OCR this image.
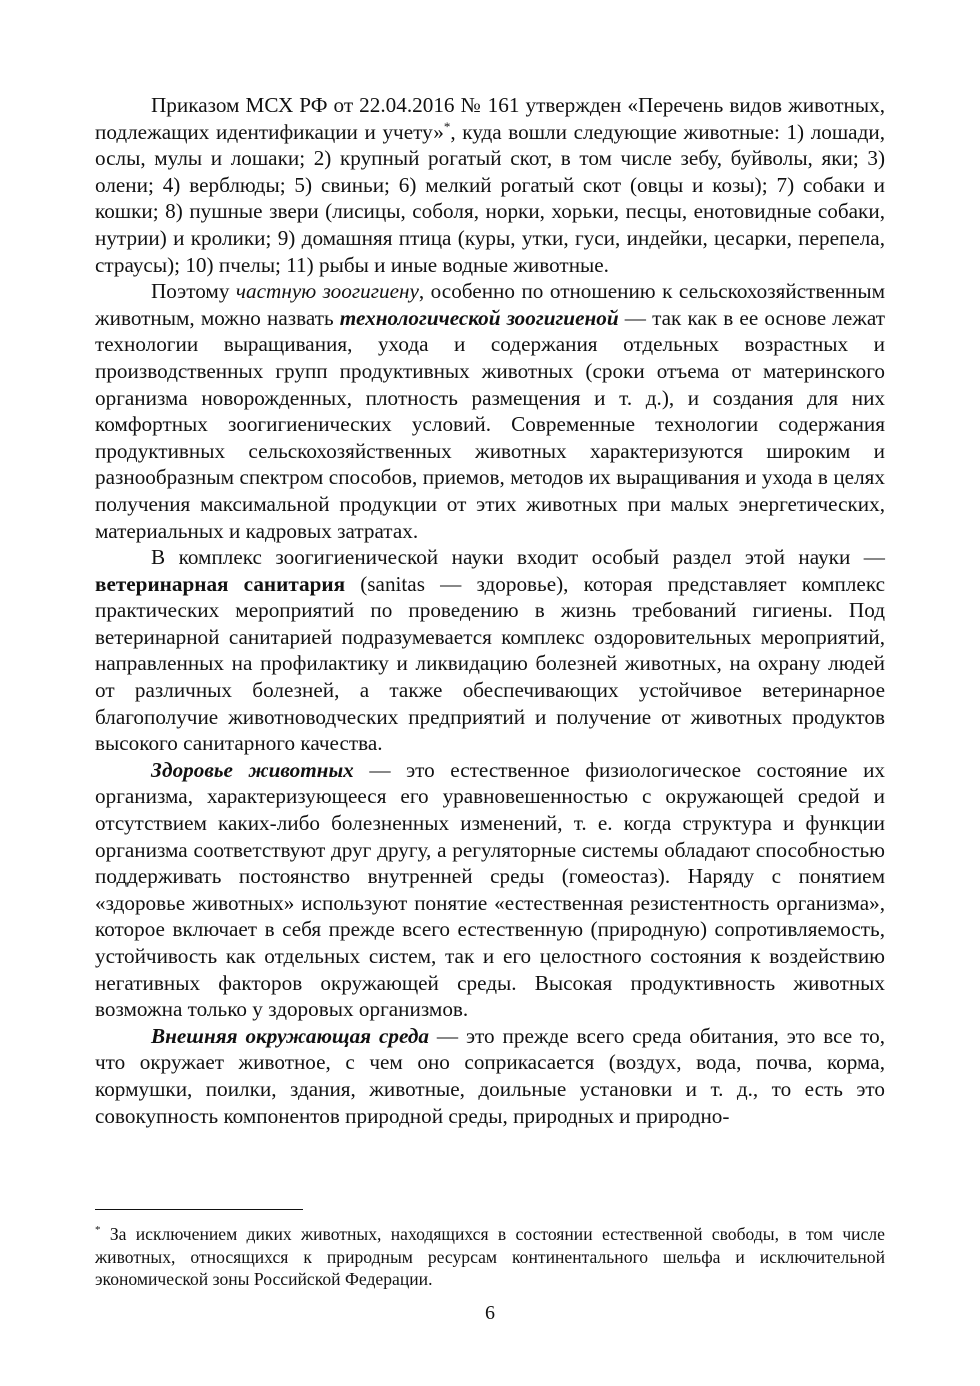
Приказом МСХ РФ от 22.04.2016 № 161 утвержден «Перечень видов животных, подлежащих идентификации и учету»*, куда вошли следующие животные: 1) лошади, ослы, мулы и лошаки; 2) крупный рогатый скот, в том числе зебу, буйволы, яки; 3) олени; 4) верблюды; 5) свиньи; 6) мелкий рогатый скот (овцы и козы); 7) собаки и кошки; 8) пушные звери (лисицы, соболя, норки, хорьки, песцы, енотовидные собаки, нутрии) и кролики; 9) домашняя птица (куры, утки, гуси, индейки, цесарки, перепела, страусы); 10) пчелы; 11) рыбы и иные водные животные.

Поэтому частную зоогигиену, особенно по отношению к сельскохозяйственным животным, можно назвать технологической зоогигиеной — так как в ее основе лежат технологии выращивания, ухода и содержания отдельных возрастных и производственных групп продуктивных животных (сроки отъема от материнского организма новорожденных, плотность размещения и т. д.), и создания для них комфортных зоогигиенических условий. Современные технологии содержания продуктивных сельскохозяйственных животных характеризуются широким и разнообразным спектром способов, приемов, методов их выращивания и ухода в целях получения максимальной продукции от этих животных при малых энергетических, материальных и кадровых затратах.

В комплекс зоогигиенической науки входит особый раздел этой науки — ветеринарная санитария (sanitas — здоровье), которая представляет комплекс практических мероприятий по проведению в жизнь требований гигиены. Под ветеринарной санитарией подразумевается комплекс оздоровительных мероприятий, направленных на профилактику и ликвидацию болезней животных, на охрану людей от различных болезней, а также обеспечивающих устойчивое ветеринарное благополучие животноводческих предприятий и получение от животных продуктов высокого санитарного качества.

Здоровье животных — это естественное физиологическое состояние их организма, характеризующееся его уравновешенностью с окружающей средой и отсутствием каких-либо болезненных изменений, т. е. когда структура и функции организма соответствуют друг другу, а регуляторные системы обладают способностью поддерживать постоянство внутренней среды (гомеостаз). Наряду с понятием «здоровье животных» используют понятие «естественная резистентность организма», которое включает в себя прежде всего естественную (природную) сопротивляемость, устойчивость как отдельных систем, так и его целостного состояния к воздействию негативных факторов окружающей среды. Высокая продуктивность животных возможна только у здоровых организмов.

Внешняя окружающая среда — это прежде всего среда обитания, это все то, что окружает животное, с чем оно соприкасается (воздух, вода, почва, корма, кормушки, поилки, здания, животные, доильные установки и т. д., то есть это совокупность компонентов природной среды, природных и природно-

* За исключением диких животных, находящихся в состоянии естественной свободы, в том числе животных, относящихся к природным ресурсам континентального шельфа и исключительной экономической зоны Российской Федерации.

6
